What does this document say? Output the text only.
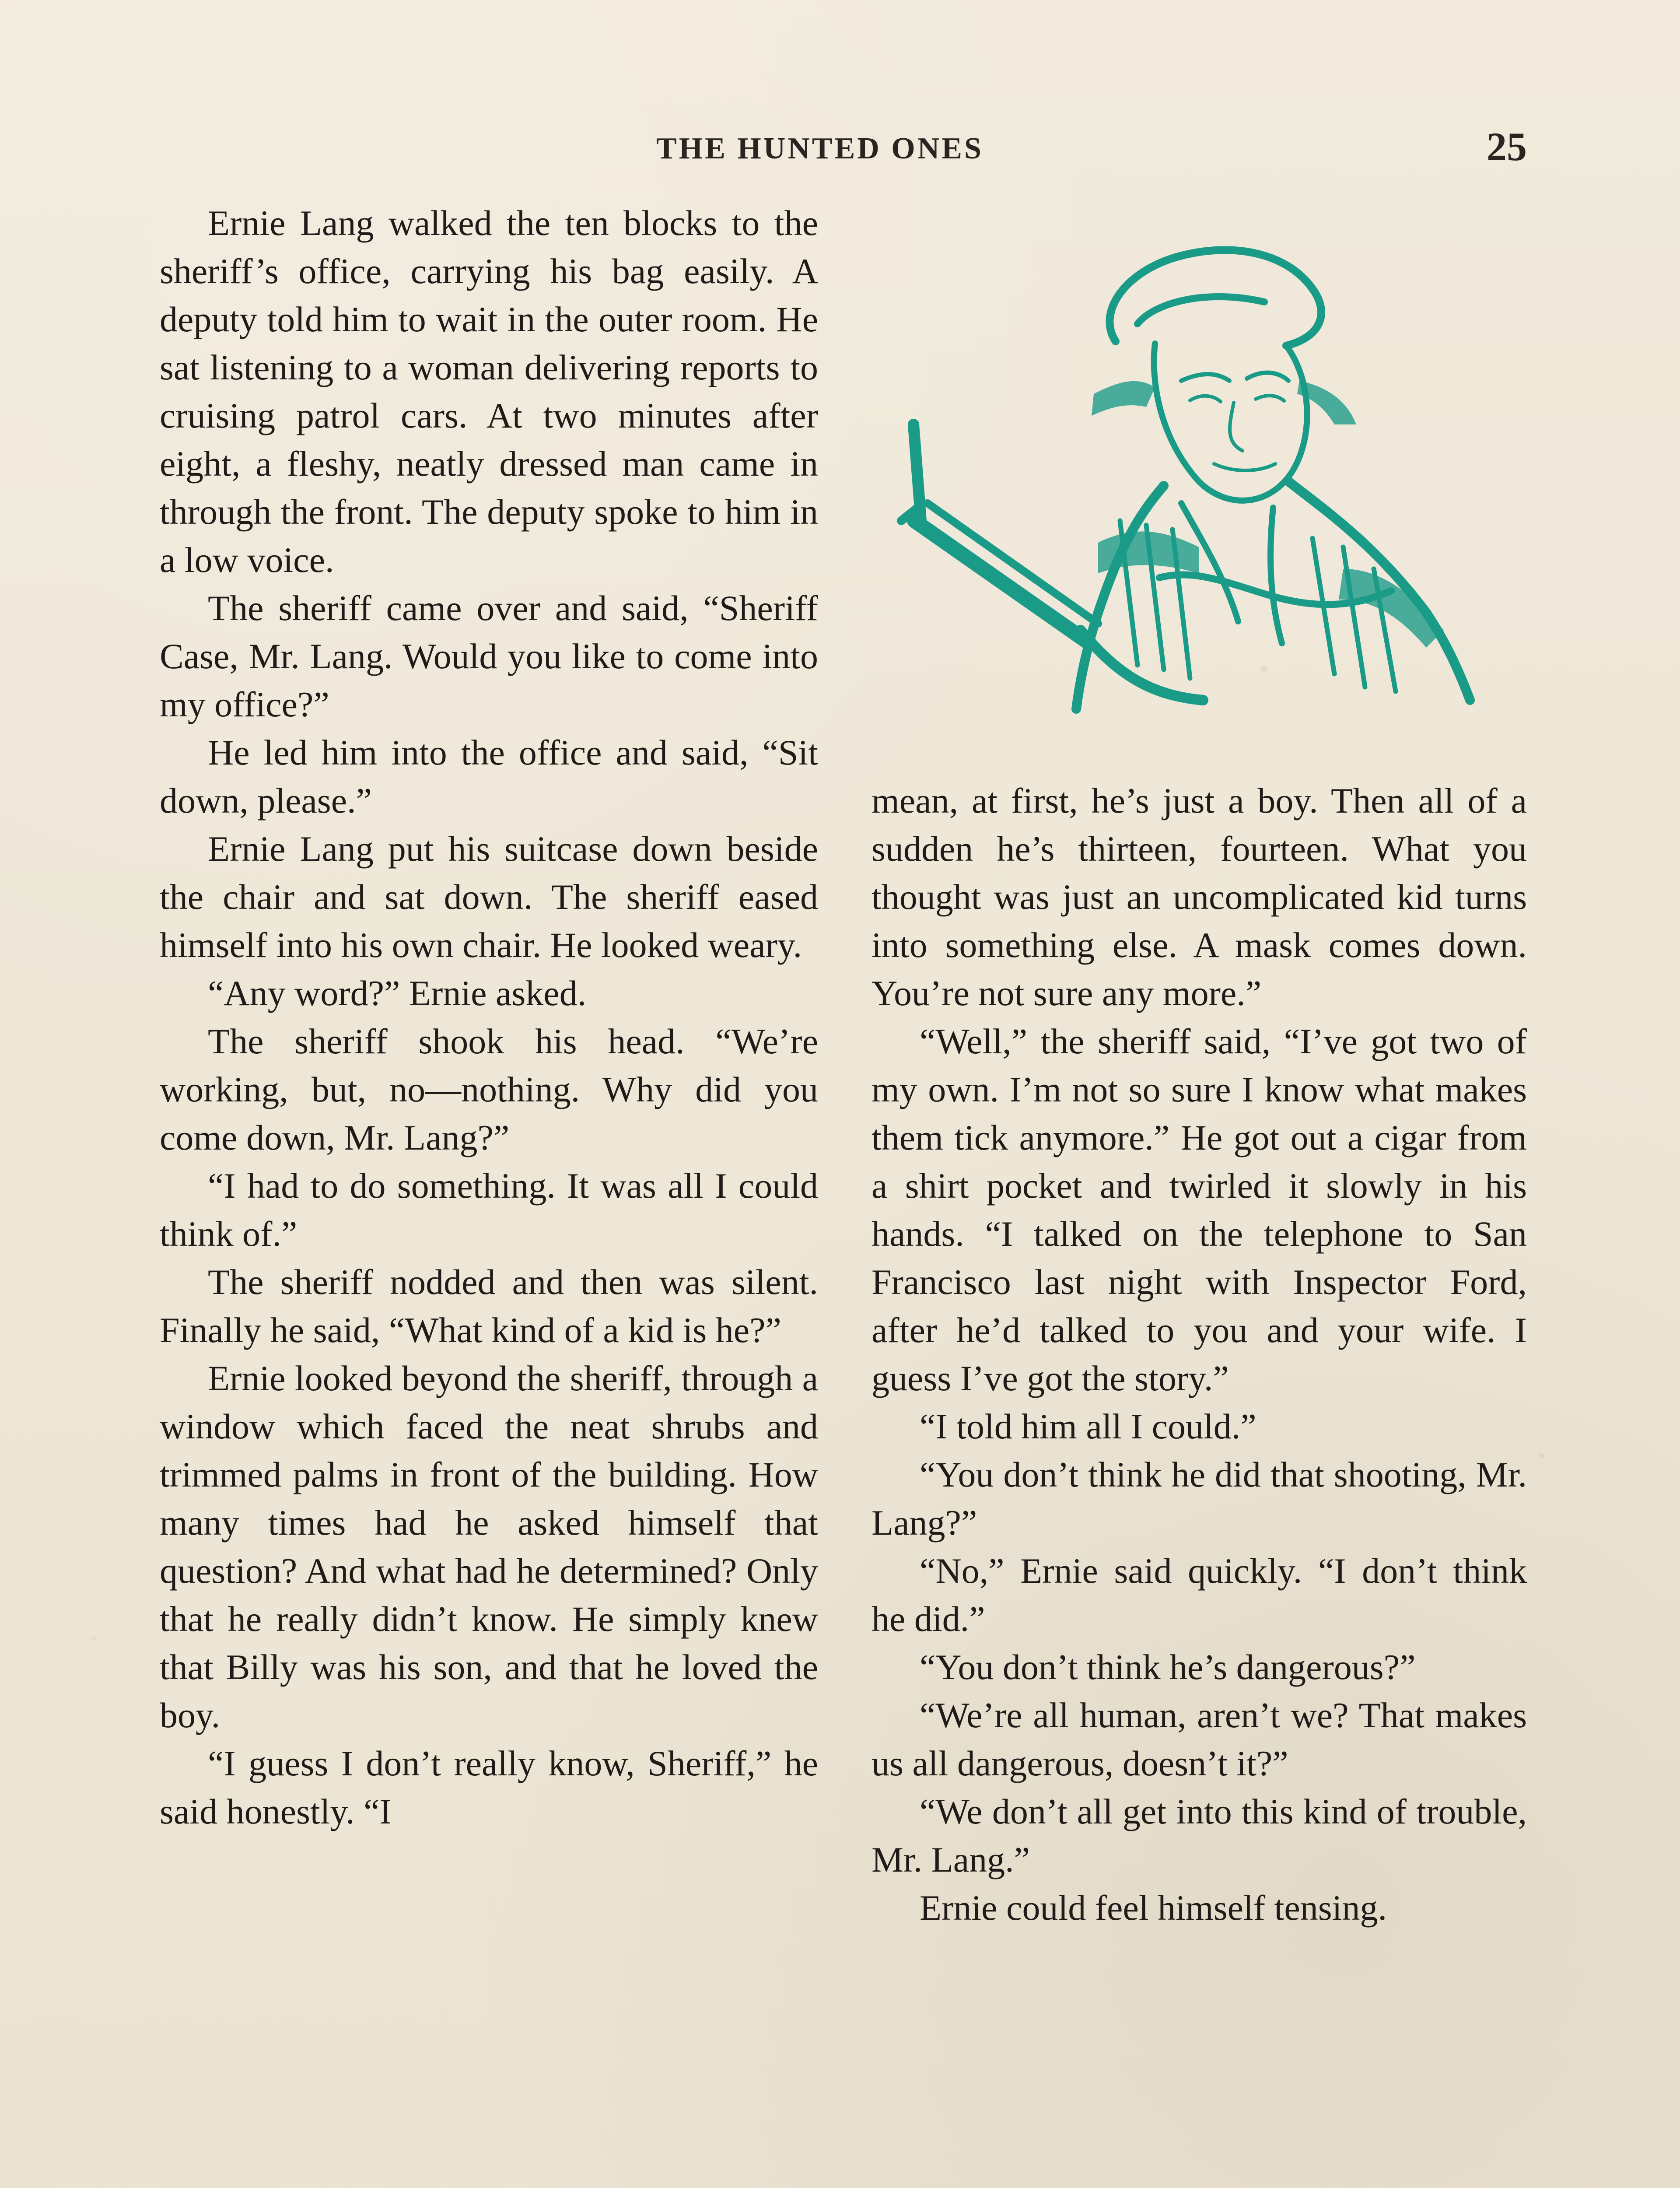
THE HUNTED ONES	25

Ernie Lang walked the ten blocks to the sheriff’s office, carrying his bag easily. A deputy told him to wait in the outer room. He sat listening to a woman delivering reports to cruising patrol cars. At two minutes after eight, a fleshy, neatly dressed man came in through the front. The deputy spoke to him in a low voice.

The sheriff came over and said, “Sheriff Case, Mr. Lang. Would you like to come into my office?”

He led him into the office and said, “Sit down, please.”

Ernie Lang put his suitcase down beside the chair and sat down. The sheriff eased himself into his own chair. He looked weary.

“Any word?” Ernie asked.

The sheriff shook his head. “We’re working, but, no—nothing. Why did you come down, Mr. Lang?”

“I had to do something. It was all I could think of.”

The sheriff nodded and then was silent. Finally he said, “What kind of a kid is he?”

Ernie looked beyond the sheriff, through a window which faced the neat shrubs and trimmed palms in front of the building. How many times had he asked himself that question? And what had he determined? Only that he really didn’t know. He simply knew that Billy was his son, and that he loved the boy.

“I guess I don’t really know, Sheriff,” he said honestly. “I

mean, at first, he’s just a boy. Then all of a sudden he’s thirteen, fourteen. What you thought was just an uncomplicated kid turns into something else. A mask comes down. You’re not sure any more.”

“Well,” the sheriff said, “I’ve got two of my own. I’m not so sure I know what makes them tick anymore.” He got out a cigar from a shirt pocket and twirled it slowly in his hands. “I talked on the telephone to San Francisco last night with Inspector Ford, after he’d talked to you and your wife. I guess I’ve got the story.”

“I told him all I could.”

“You don’t think he did that shooting, Mr. Lang?”

“No,” Ernie said quickly. “I don’t think he did.”

“You don’t think he’s dangerous?”

“We’re all human, aren’t we? That makes us all dangerous, doesn’t it?”

“We don’t all get into this kind of trouble, Mr. Lang.”

Ernie could feel himself tensing.
